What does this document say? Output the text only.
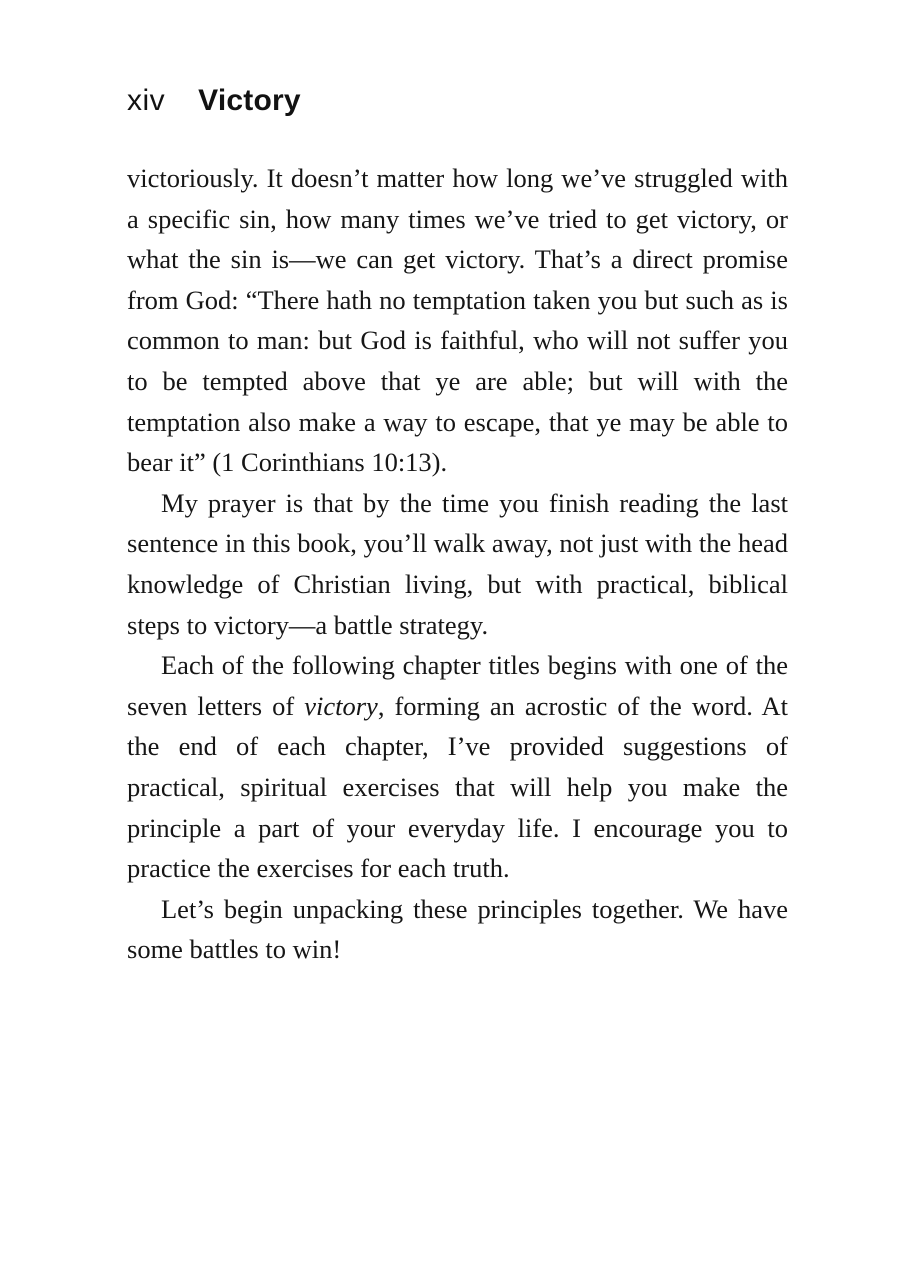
xiv Victory

victoriously. It doesn’t matter how long we’ve struggled with a specific sin, how many times we’ve tried to get victory, or what the sin is—we can get victory. That’s a direct promise from God: “There hath no temptation taken you but such as is common to man: but God is faithful, who will not suffer you to be tempted above that ye are able; but will with the temptation also make a way to escape, that ye may be able to bear it” (1 Corinthians 10:13).

My prayer is that by the time you finish reading the last sentence in this book, you’ll walk away, not just with the head knowledge of Christian living, but with practical, biblical steps to victory—a battle strategy.

Each of the following chapter titles begins with one of the seven letters of victory, forming an acrostic of the word. At the end of each chapter, I’ve provided suggestions of practical, spiritual exercises that will help you make the principle a part of your everyday life. I encourage you to practice the exercises for each truth.

Let’s begin unpacking these principles together. We have some battles to win!
